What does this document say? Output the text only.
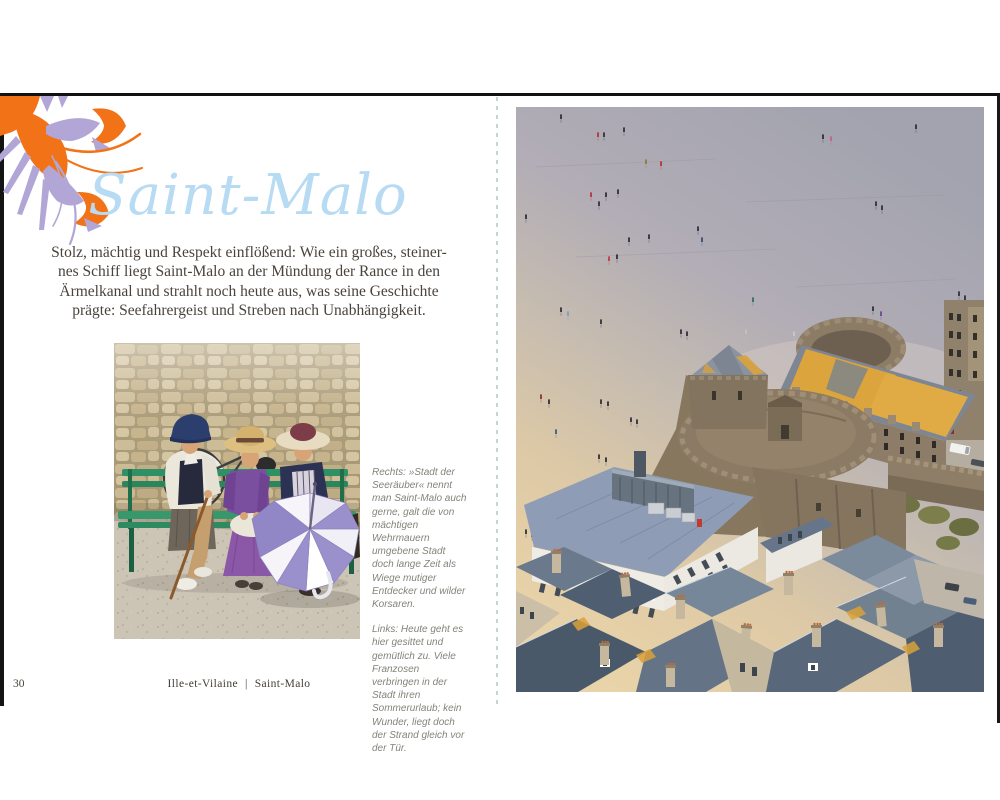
Saint-Malo
Stolz, mächtig und Respekt einflößend: Wie ein großes, steiner-
nes Schiff liegt Saint-Malo an der Mündung der Rance in den
Ärmelkanal und strahlt noch heute aus, was seine Geschichte
prägte: Seefahrergeist und Streben nach Unabhängigkeit.

Rechts: »Stadt der Seeräuber« nennt man Saint-Malo auch gerne, galt die von mächtigen Wehrmauern umgebene Stadt doch lange Zeit als Wiege mutiger Entdecker und wilder Korsaren.

Links: Heute geht es hier gesittet und gemütlich zu. Viele Franzosen verbringen in der Stadt ihren Sommerurlaub; kein Wunder, liegt doch der Strand gleich vor der Tür.

30	Ille-et-Vilaine | Saint-Malo
